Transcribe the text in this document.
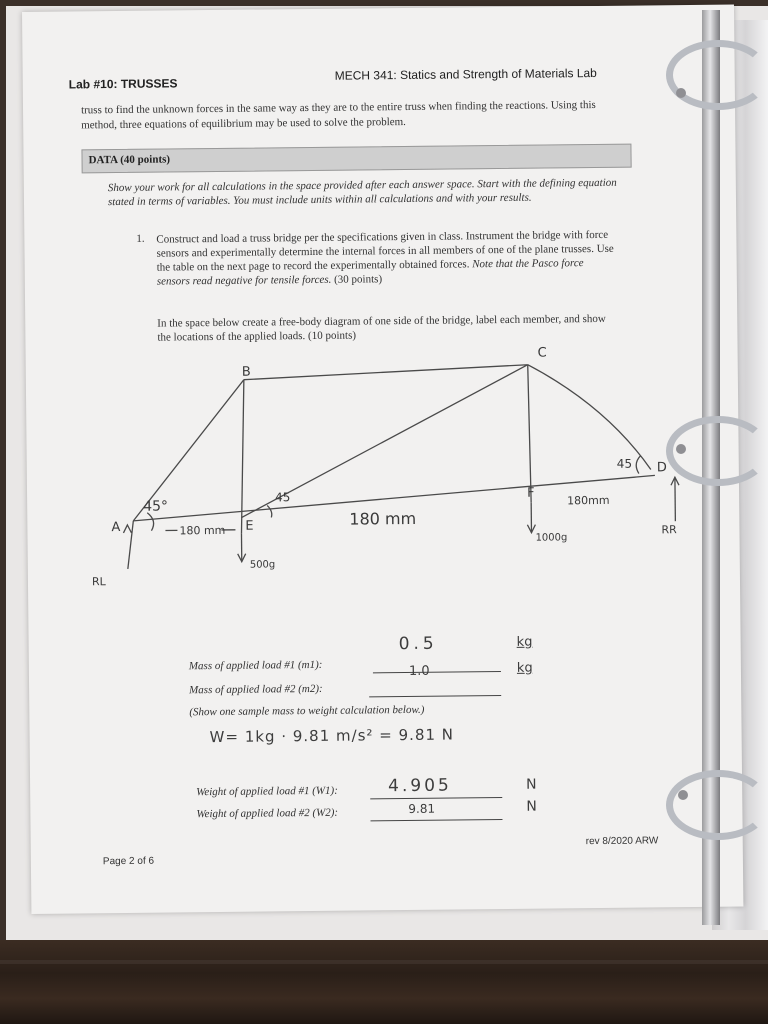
Lab #10: TRUSSES
MECH 341: Statics and Strength of Materials Lab
truss to find the unknown forces in the same way as they are to the entire truss when finding the reactions. Using this method, three equations of equilibrium may be used to solve the problem.
DATA (40 points)
Show your work for all calculations in the space provided after each answer space. Start with the defining equation stated in terms of variables. You must include units within all calculations and with your results.
1. Construct and load a truss bridge per the specifications given in class. Instrument the bridge with force sensors and experimentally determine the internal forces in all members of one of the plane trusses. Use the table on the next page to record the experimentally obtained forces. Note that the Pasco force sensors read negative for tensile forces. (30 points)
In the space below create a free-body diagram of one side of the bridge, label each member, and show the locations of the applied loads. (10 points)
B
C
D
A	E
F
45°
45
45
180 mm
180 mm
180mm
500g
1000g
RL
RR
Mass of applied load #1 (m1):
0.5	kg
Mass of applied load #2 (m2):
1.0	kg
(Show one sample mass to weight calculation below.)
W= 1kg · 9.81 m/s² = 9.81 N
Weight of applied load #1 (W1):	4.905	N
Weight of applied load #2 (W2):	9.81	N
rev 8/2020 ARW
Page 2 of 6
